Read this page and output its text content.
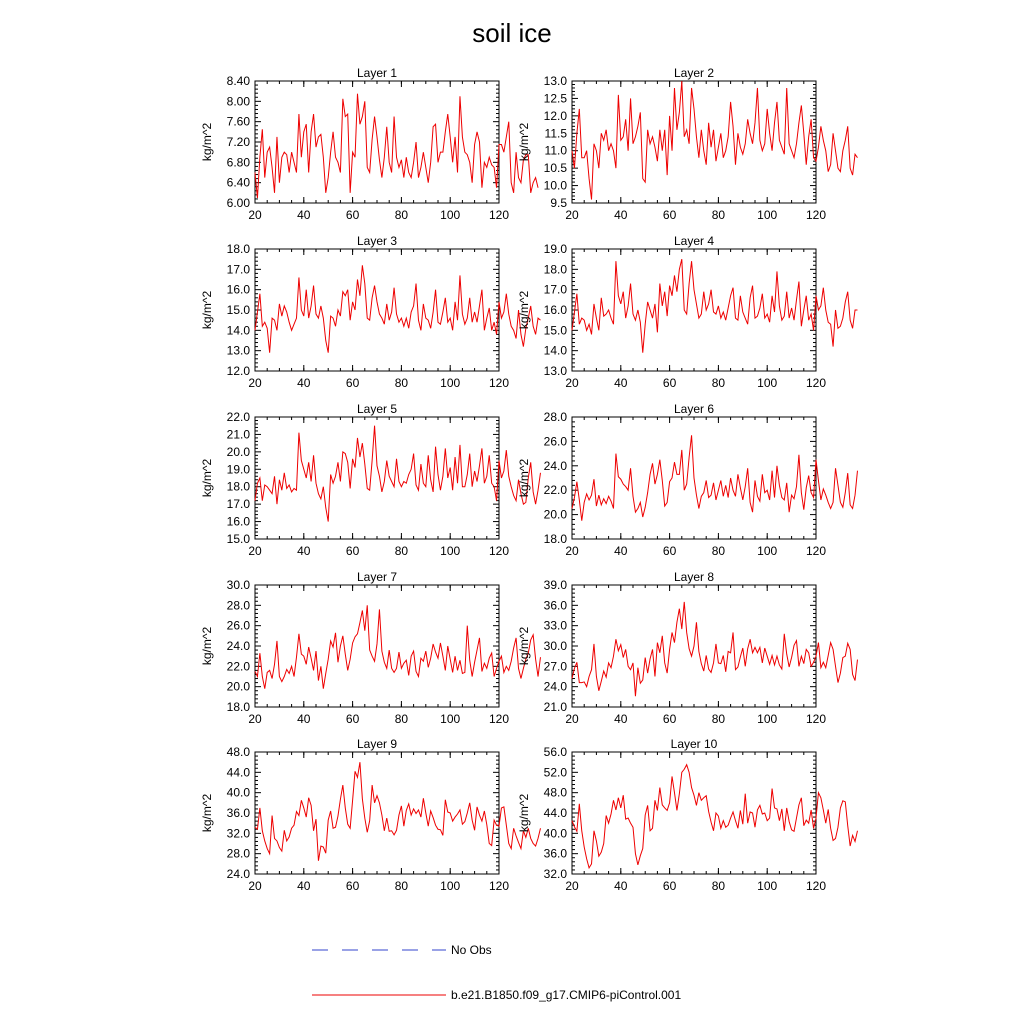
soil ice
Layer 1
kg/m^2
20	40	60	80	100 120
6.00
6.40
6.80
7.20
7.60
8.00
8.40
Layer 2
kg/m^2
20	40	60	80	100 120
9.5
10.0
10.5
11.0
11.5
12.0
12.5
13.0
Layer 3
kg/m^2
20	40	60	80	100 120
12.0
13.0
14.0
15.0
16.0
17.0
18.0
Layer 4
kg/m^2
20	40	60	80	100 120
13.0
14.0
15.0
16.0
17.0
18.0
19.0
Layer 5
kg/m^2
20	40	60	80	100 120
15.0
16.0
17.0
18.0
19.0
20.0
21.0
22.0
Layer 6
kg/m^2
20	40	60	80	100 120
18.0
20.0
22.0
24.0
26.0
28.0
Layer 7
kg/m^2
20	40	60	80	100 120
18.0
20.0
22.0
24.0
26.0
28.0
30.0
Layer 8
kg/m^2
20	40	60	80	100 120
21.0
24.0
27.0
30.0
33.0
36.0
39.0
Layer 9
kg/m^2
20	40	60	80	100 120
24.0
28.0
32.0
36.0
40.0
44.0
48.0
Layer 10
kg/m^2
20	40	60	80	100 120
32.0
36.0
40.0
44.0
48.0
52.0
56.0
No Obs
b.e21.B1850.f09_g17.CMIP6-piControl.001
